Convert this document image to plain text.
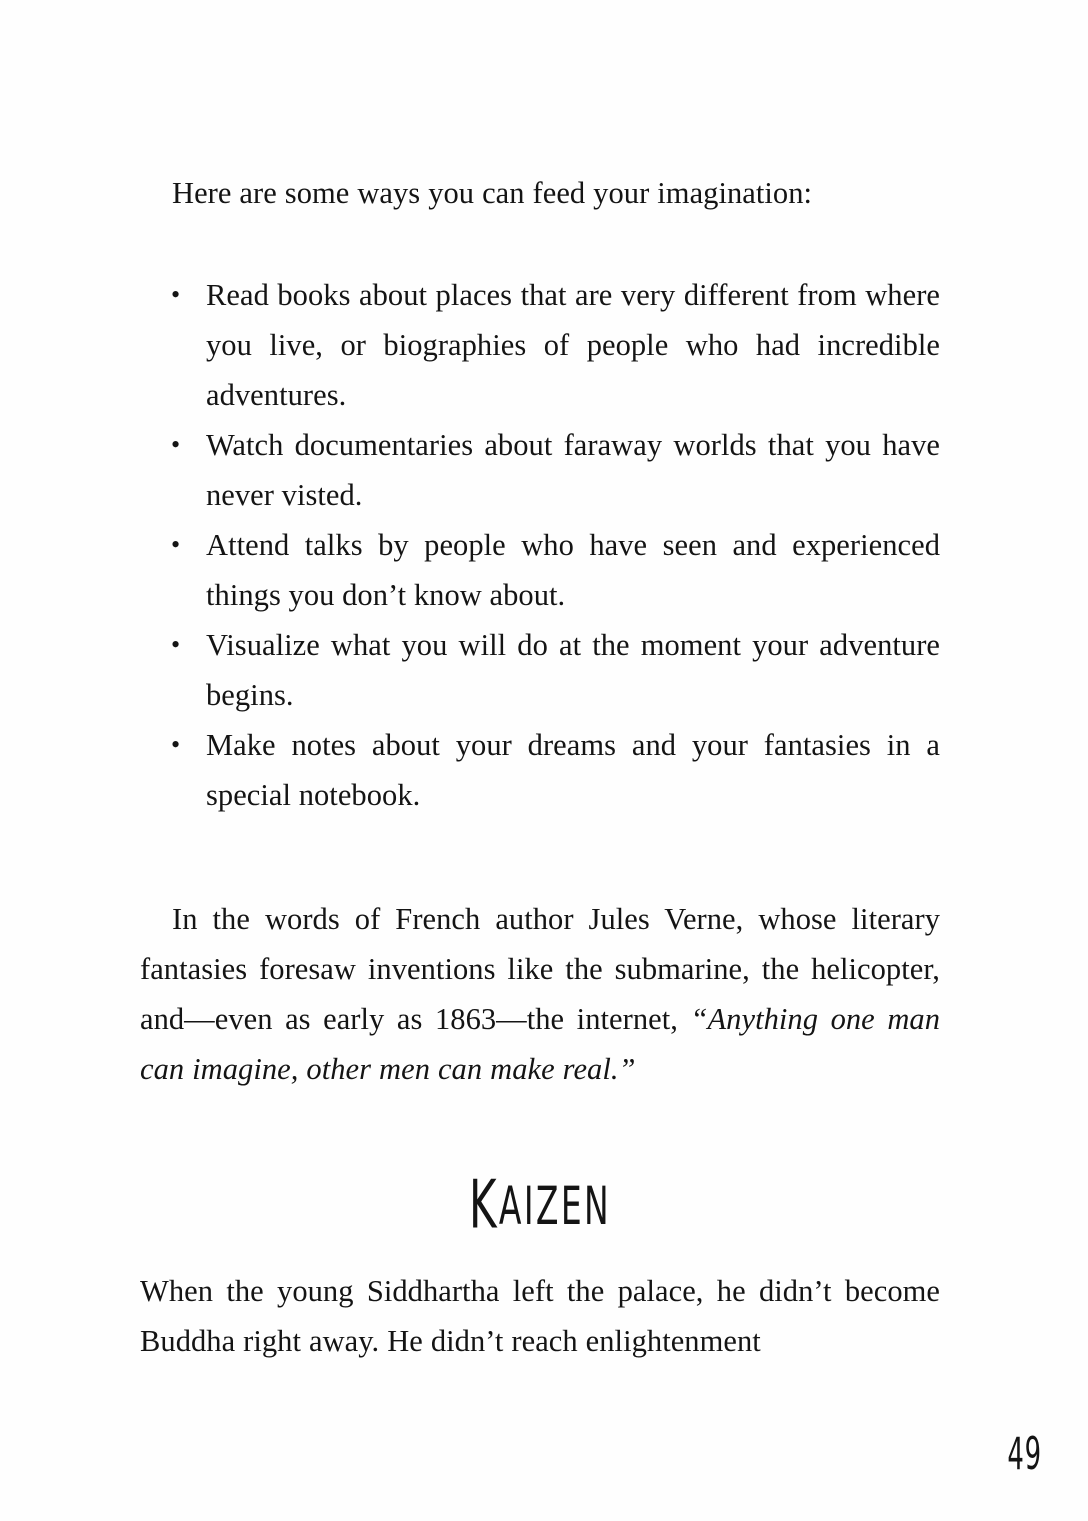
Here are some ways you can feed your imagination:

• Read books about places that are very different from where you live, or biographies of people who had incredible adventures.
• Watch documentaries about faraway worlds that you have never visted.
• Attend talks by people who have seen and experienced things you don’t know about.
• Visualize what you will do at the moment your adventure begins.
• Make notes about your dreams and your fantasies in a special notebook.

In the words of French author Jules Verne, whose literary fantasies foresaw inventions like the submarine, the helicopter, and—even as early as 1863—the internet, “Anything one man can imagine, other men can make real.”

KAIZEN

When the young Siddhartha left the palace, he didn’t become Buddha right away. He didn’t reach enlightenment

49
